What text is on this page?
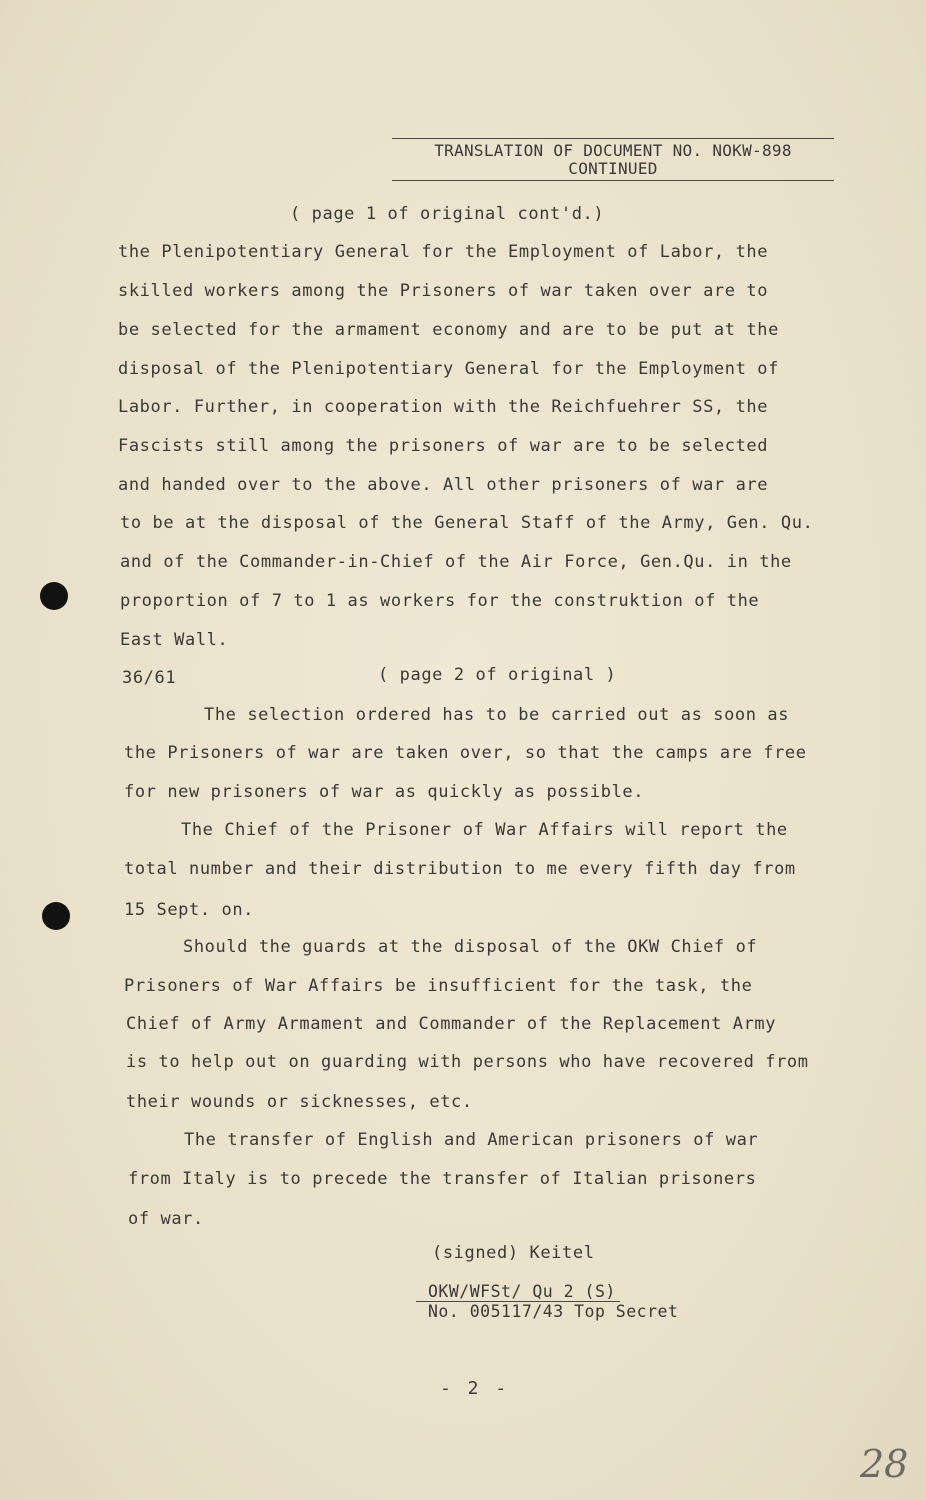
TRANSLATION OF DOCUMENT NO. NOKW-898
CONTINUED
( page 1 of original cont'd.)
the Plenipotentiary General for the Employment of Labor, the
skilled workers among the Prisoners of war taken over are to
be selected for the armament economy and are to be put at the
disposal of the Plenipotentiary General for the Employment of
Labor. Further, in cooperation with the Reichfuehrer SS, the
Fascists still among the prisoners of war are to be selected
and handed over to the above. All other prisoners of war are
to be at the disposal of the General Staff of the Army, Gen. Qu.
and of the Commander-in-Chief of the Air Force, Gen.Qu. in the
proportion of 7 to 1 as workers for the construktion of the
East Wall.
36/61	( page 2 of original )
The selection ordered has to be carried out as soon as
the Prisoners of war are taken over, so that the camps are free
for new prisoners of war as quickly as possible.
The Chief of the Prisoner of War Affairs will report the
total number and their distribution to me every fifth day from
15 Sept. on.
Should the guards at the disposal of the OKW Chief of
Prisoners of War Affairs be insufficient for the task, the
Chief of Army Armament and Commander of the Replacement Army
is to help out on guarding with persons who have recovered from
their wounds or sicknesses, etc.
The transfer of English and American prisoners of war
from Italy is to precede the transfer of Italian prisoners
of war.
(signed) Keitel
OKW/WFSt/ Qu 2 (S)
No. 005117/43 Top Secret
- 2 -
28
